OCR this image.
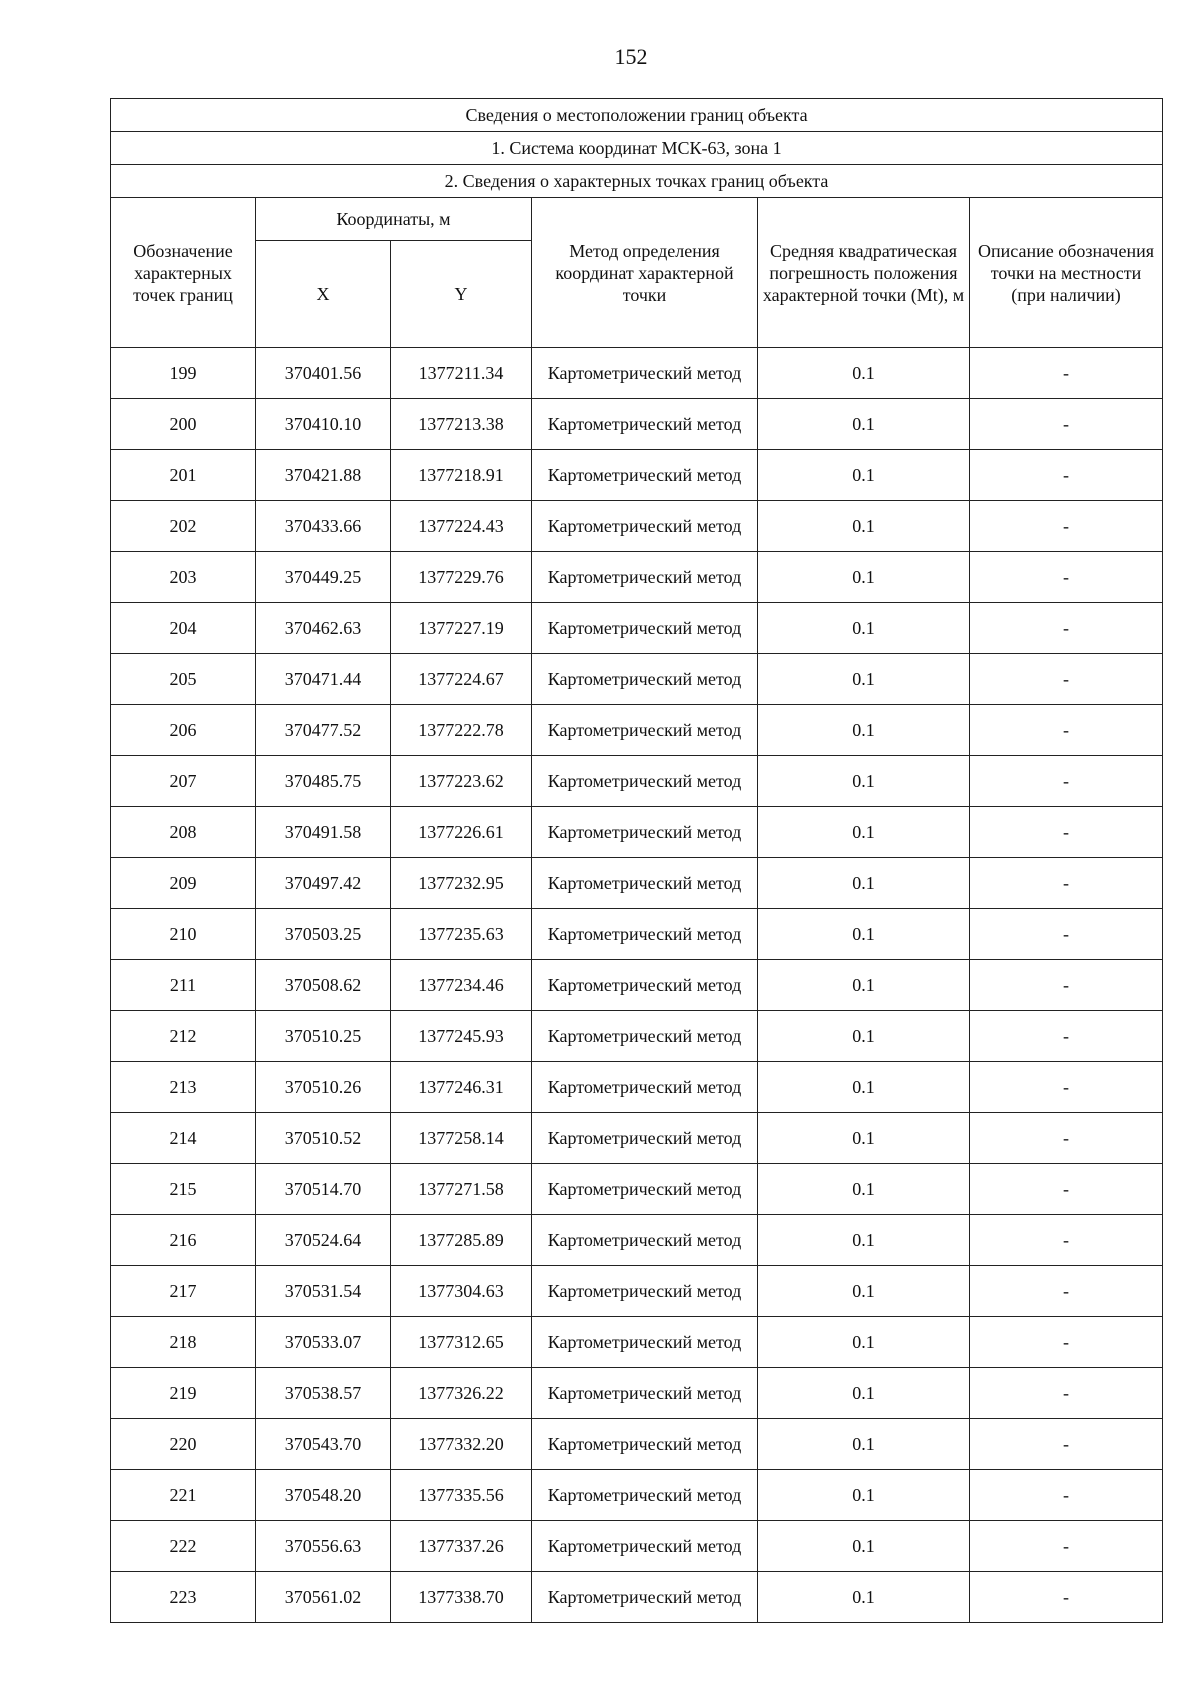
152
Сведения о местоположении границ объекта					
1. Система координат МСК-63, зона 1					
2. Сведения о характерных точках границ объекта					
Обозначение характерных точек границ	Координаты, м		Метод определения координат характерной точки	Средняя квадратическая погрешность положения характерной точки (Mt), м	Описание обозначения точки на местности (при наличии)
	X	Y			
199	370401.56	1377211.34	Картометрический метод	0.1	-
200	370410.10	1377213.38	Картометрический метод	0.1	-
201	370421.88	1377218.91	Картометрический метод	0.1	-
202	370433.66	1377224.43	Картометрический метод	0.1	-
203	370449.25	1377229.76	Картометрический метод	0.1	-
204	370462.63	1377227.19	Картометрический метод	0.1	-
205	370471.44	1377224.67	Картометрический метод	0.1	-
206	370477.52	1377222.78	Картометрический метод	0.1	-
207	370485.75	1377223.62	Картометрический метод	0.1	-
208	370491.58	1377226.61	Картометрический метод	0.1	-
209	370497.42	1377232.95	Картометрический метод	0.1	-
210	370503.25	1377235.63	Картометрический метод	0.1	-
211	370508.62	1377234.46	Картометрический метод	0.1	-
212	370510.25	1377245.93	Картометрический метод	0.1	-
213	370510.26	1377246.31	Картометрический метод	0.1	-
214	370510.52	1377258.14	Картометрический метод	0.1	-
215	370514.70	1377271.58	Картометрический метод	0.1	-
216	370524.64	1377285.89	Картометрический метод	0.1	-
217	370531.54	1377304.63	Картометрический метод	0.1	-
218	370533.07	1377312.65	Картометрический метод	0.1	-
219	370538.57	1377326.22	Картометрический метод	0.1	-
220	370543.70	1377332.20	Картометрический метод	0.1	-
221	370548.20	1377335.56	Картометрический метод	0.1	-
222	370556.63	1377337.26	Картометрический метод	0.1	-
223	370561.02	1377338.70	Картометрический метод	0.1	-
